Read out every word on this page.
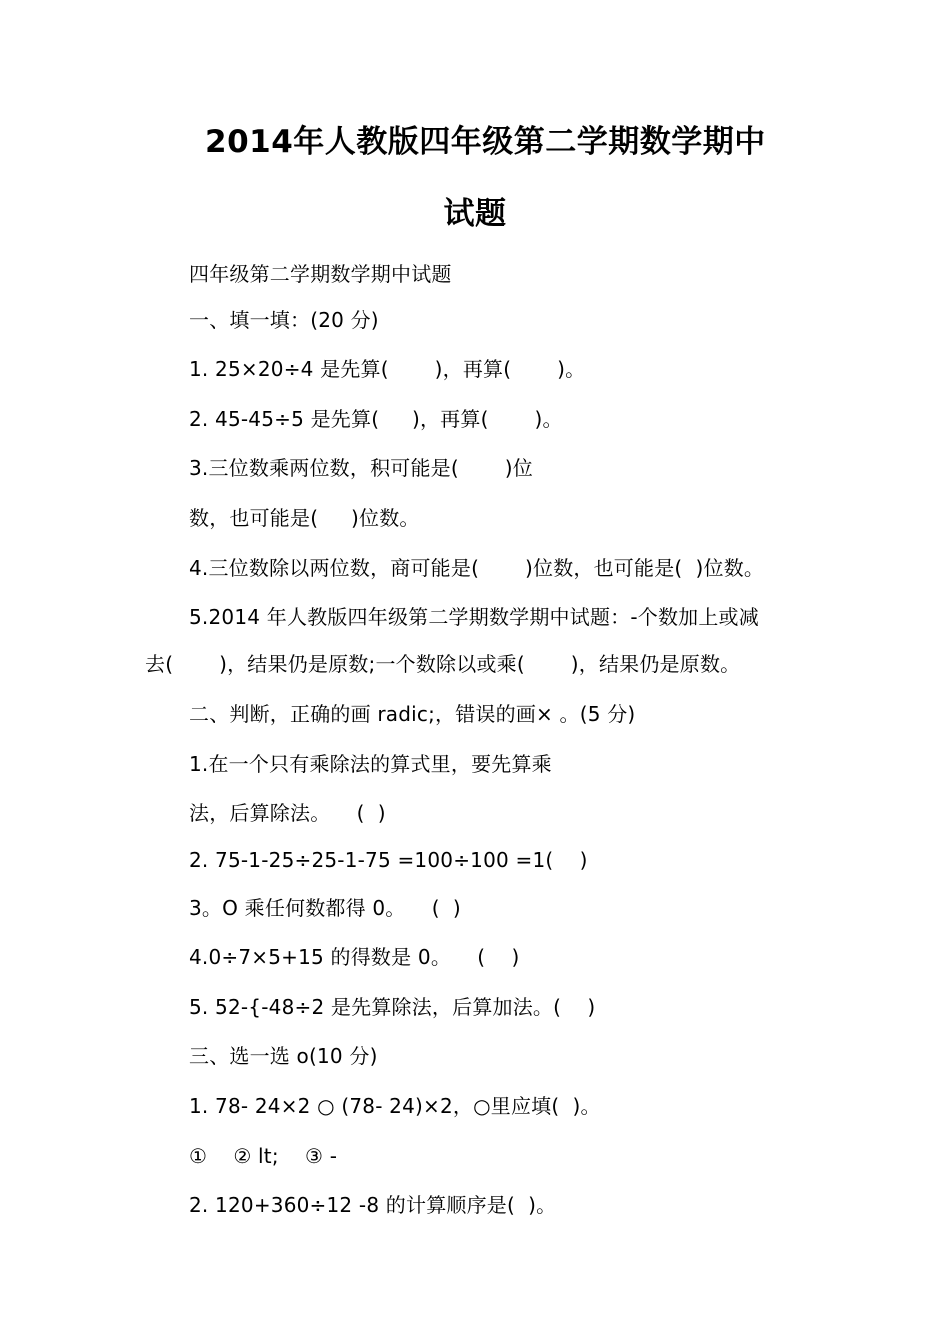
2014年人教版四年级第二学期数学期中
试题
四年级第二学期数学期中试题
一、填一填：(20 分)
1. 25×20÷4 是先算(       )，再算(       )。
2. 45-45÷5 是先算(     )，再算(       )。
3.三位数乘两位数，积可能是(       )位
数，也可能是(     )位数。
4.三位数除以两位数，商可能是(       )位数，也可能是(  )位数。
5.2014 年人教版四年级第二学期数学期中试题：-个数加上或减
去(       )，结果仍是原数;一个数除以或乘(       )，结果仍是原数。
二、判断，正确的画 radic;，错误的画× 。(5 分)
1.在一个只有乘除法的算式里，要先算乘
法，后算除法。    (  )
2. 75-1-25÷25-1-75 =100÷100 =1(    )
3。O 乘任何数都得 0。    (  )
4.0÷7×5+15 的得数是 0。    (    )
5. 52-{-48÷2 是先算除法，后算加法。(    )
三、选一选 o(10 分)
1. 78- 24×2 ○ (78- 24)×2，○里应填(  )。
①    ② lt;    ③ -
2. 120+360÷12 -8 的计算顺序是(  )。
